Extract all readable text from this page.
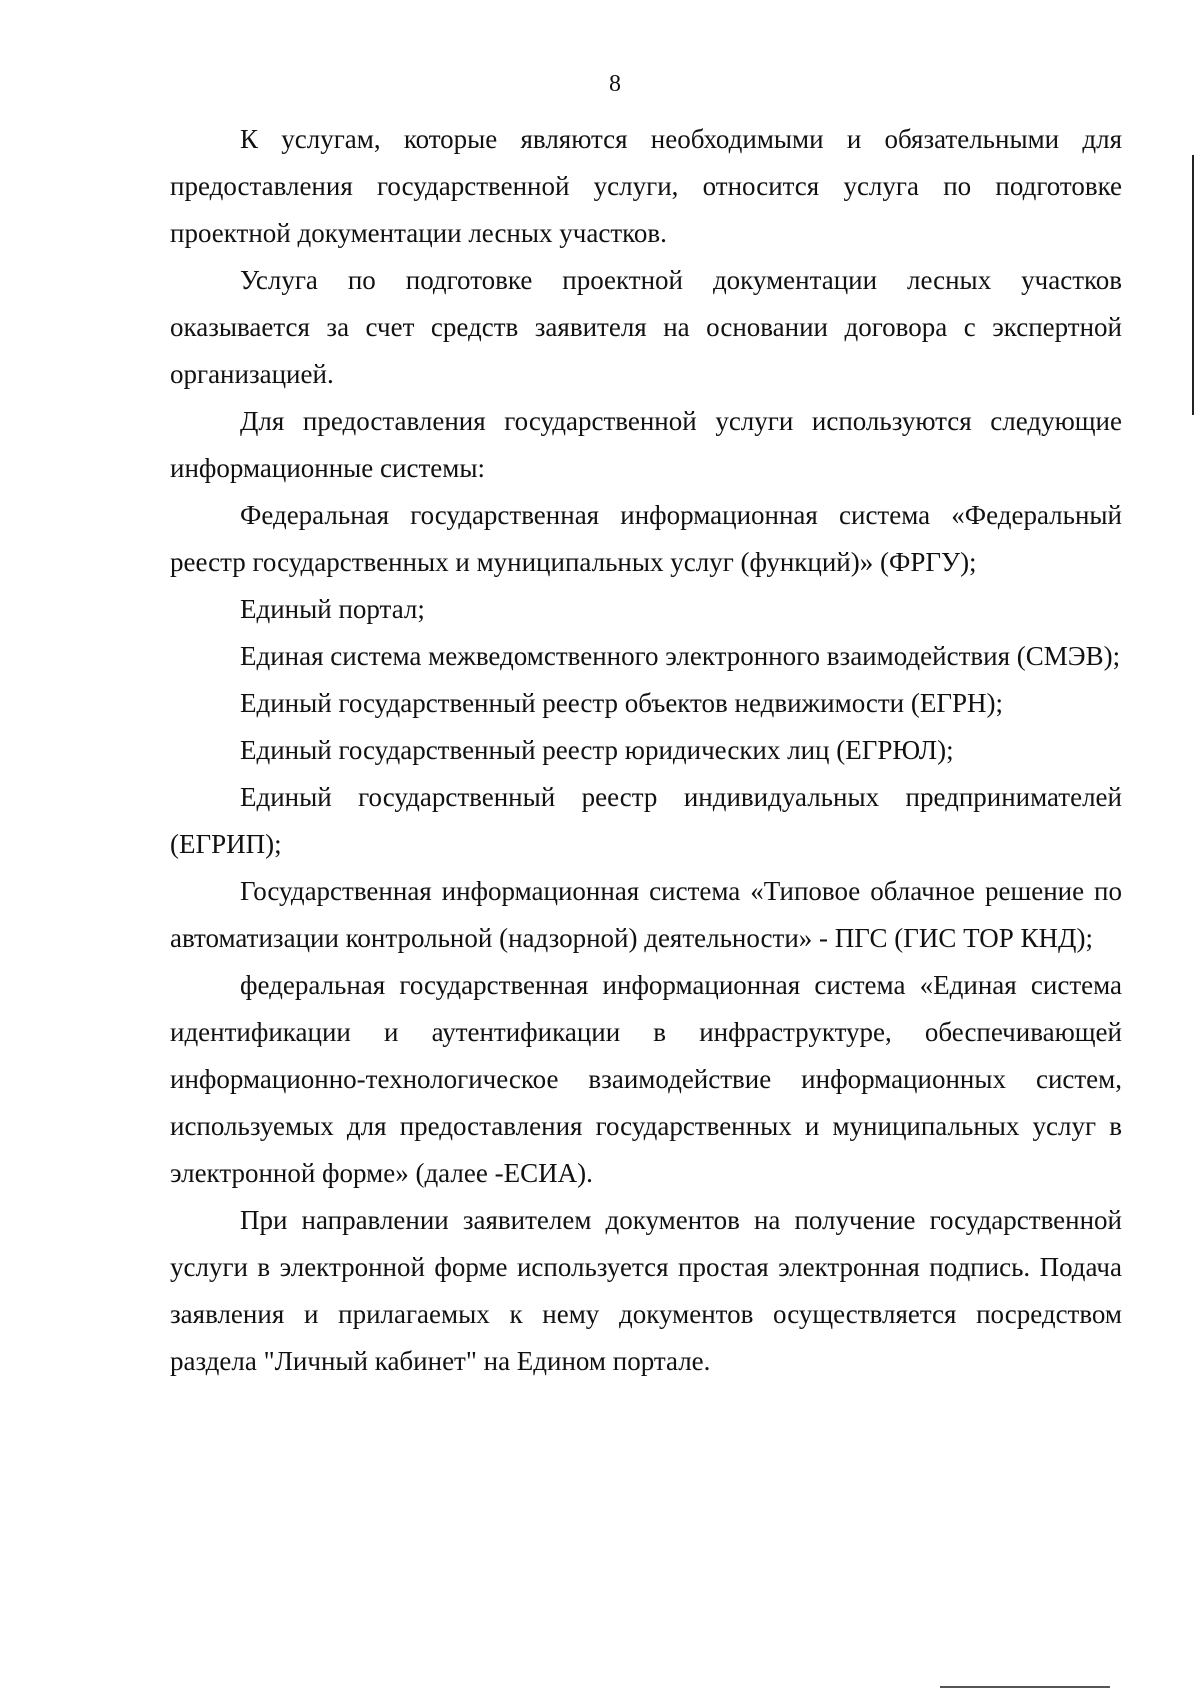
8

К услугам, которые являются необходимыми и обязательными для предоставления государственной услуги, относится услуга по подготовке проектной документации лесных участков.

Услуга по подготовке проектной документации лесных участков оказывается за счет средств заявителя на основании договора с экспертной организацией.

Для предоставления государственной услуги используются следующие информационные системы:

Федеральная государственная информационная система «Федеральный реестр государственных и муниципальных услуг (функций)» (ФРГУ);

Единый портал;

Единая система межведомственного электронного взаимодействия (СМЭВ);

Единый государственный реестр объектов недвижимости (ЕГРН);

Единый государственный реестр юридических лиц (ЕГРЮЛ);

Единый государственный реестр индивидуальных предпринимателей (ЕГРИП);

Государственная информационная система «Типовое облачное решение по автоматизации контрольной (надзорной) деятельности» - ПГС (ГИС ТОР КНД);

федеральная государственная информационная система «Единая система идентификации и аутентификации в инфраструктуре, обеспечивающей информационно-технологическое взаимодействие информационных систем, используемых для предоставления государственных и муниципальных услуг в электронной форме» (далее -ЕСИА).

При направлении заявителем документов на получение государственной услуги в электронной форме используется простая электронная подпись. Подача заявления и прилагаемых к нему документов осуществляется посредством раздела "Личный кабинет" на Едином портале.
